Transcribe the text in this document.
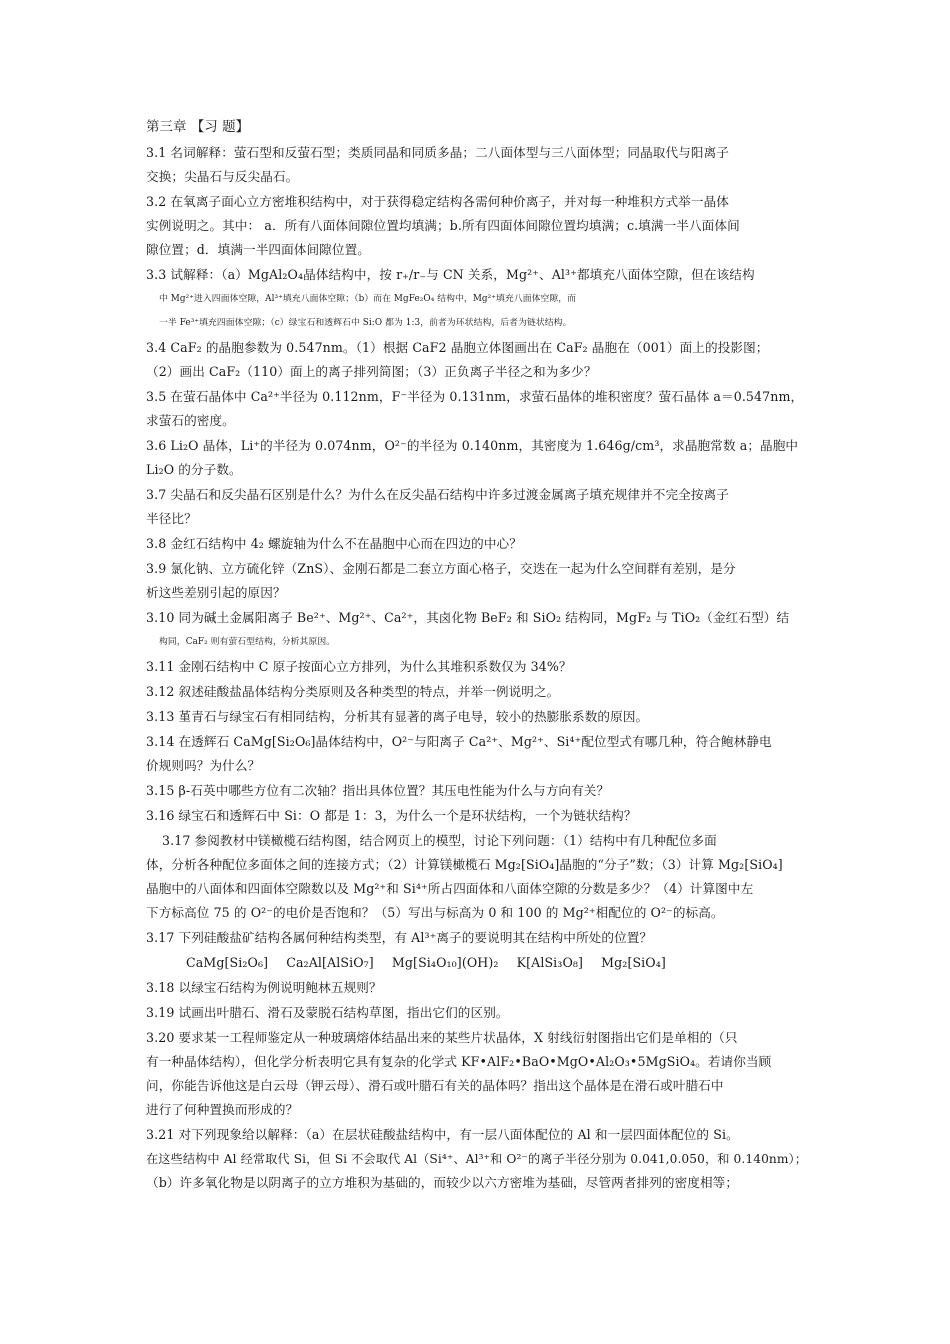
第三章 【习 题】
3.1 名词解释：萤石型和反萤石型；类质同晶和同质多晶；二八面体型与三八面体型；同晶取代与阳离子
交换；尖晶石与反尖晶石。
3.2 在氧离子面心立方密堆积结构中，对于获得稳定结构各需何种价离子，并对每一种堆积方式举一晶体
实例说明之。其中： a．所有八面体间隙位置均填满；b.所有四面体间隙位置均填满；c.填满一半八面体间
隙位置；d．填满一半四面体间隙位置。
3.3 试解释：（a）MgAl₂O₄晶体结构中，按 r₊/r₋与 CN 关系，Mg²⁺、Al³⁺都填充八面体空隙，但在该结构
中 Mg²⁺进入四面体空隙，Al³⁺填充八面体空隙；（b）而在 MgFe₂O₄ 结构中，Mg²⁺填充八面体空隙，而
一半 Fe³⁺填充四面体空隙；（c）绿宝石和透辉石中 Si:O 都为 1:3，前者为环状结构，后者为链状结构。
3.4 CaF₂ 的晶胞参数为 0.547nm。（1）根据 CaF2 晶胞立体图画出在 CaF₂ 晶胞在（001）面上的投影图；
（2）画出 CaF₂（110）面上的离子排列简图；（3）正负离子半径之和为多少？
3.5 在萤石晶体中 Ca²⁺半径为 0.112nm，F⁻半径为 0.131nm，求萤石晶体的堆积密度？萤石晶体 a＝0.547nm，
求萤石的密度。
3.6 Li₂O 晶体，Li⁺的半径为 0.074nm，O²⁻的半径为 0.140nm，其密度为 1.646g/cm³，求晶胞常数 a；晶胞中
Li₂O 的分子数。
3.7 尖晶石和反尖晶石区别是什么？为什么在反尖晶石结构中许多过渡金属离子填充规律并不完全按离子
半径比？
3.8 金红石结构中 4₂ 螺旋轴为什么不在晶胞中心而在四边的中心？
3.9 氯化钠、立方硫化锌（ZnS）、金刚石都是二套立方面心格子，交迭在一起为什么空间群有差别，是分
析这些差别引起的原因？
3.10 同为碱土金属阳离子 Be²⁺、Mg²⁺、Ca²⁺，其卤化物 BeF₂ 和 SiO₂ 结构同，MgF₂ 与 TiO₂（金红石型）结
构同，CaF₂ 则有萤石型结构，分析其原因。
3.11 金刚石结构中 C 原子按面心立方排列，为什么其堆积系数仅为 34%？
3.12 叙述硅酸盐晶体结构分类原则及各种类型的特点，并举一例说明之。
3.13 堇青石与绿宝石有相同结构，分析其有显著的离子电导，较小的热膨胀系数的原因。
3.14 在透辉石 CaMg[Si₂O₆]晶体结构中，O²⁻与阳离子 Ca²⁺、Mg²⁺、Si⁴⁺配位型式有哪几种，符合鲍林静电
价规则吗？为什么？
3.15 β-石英中哪些方位有二次轴？指出具体位置？其压电性能为什么与方向有关？
3.16 绿宝石和透辉石中 Si：O 都是 1：3，为什么一个是环状结构，一个为链状结构？
3.17 参阅教材中镁橄榄石结构图，结合网页上的模型，讨论下列问题：（1）结构中有几种配位多面
体，分析各种配位多面体之间的连接方式；（2）计算镁橄榄石 Mg₂[SiO₄]晶胞的“分子”数；（3）计算 Mg₂[SiO₄]
晶胞中的八面体和四面体空隙数以及 Mg²⁺和 Si⁴⁺所占四面体和八面体空隙的分数是多少？（4）计算图中左
下方标高位 75 的 O²⁻的电价是否饱和？（5）写出与标高为 0 和 100 的 Mg²⁺相配位的 O²⁻的标高。
3.17 下列硅酸盐矿结构各属何种结构类型，有 Al³⁺离子的要说明其在结构中所处的位置？
CaMg[Si₂O₆] Ca₂Al[AlSiO₇] Mg[Si₄O₁₀](OH)₂ K[AlSi₃O₈] Mg₂[SiO₄]
3.18 以绿宝石结构为例说明鲍林五规则？
3.19 试画出叶腊石、滑石及蒙脱石结构草图，指出它们的区别。
3.20 要求某一工程师鉴定从一种玻璃熔体结晶出来的某些片状晶体，X 射线衍射图指出它们是单相的（只
有一种晶体结构），但化学分析表明它具有复杂的化学式 KF•AlF₂•BaO•MgO•Al₂O₃•5MgSiO₄。若请你当顾
问，你能告诉他这是白云母（钾云母）、滑石或叶腊石有关的晶体吗？指出这个晶体是在滑石或叶腊石中
进行了何种置换而形成的？
3.21 对下列现象给以解释：（a）在层状硅酸盐结构中，有一层八面体配位的 Al 和一层四面体配位的 Si。
在这些结构中 Al 经常取代 Si，但 Si 不会取代 Al（Si⁴⁺、Al³⁺和 O²⁻的离子半径分别为 0.041,0.050，和 0.140nm）；
（b）许多氧化物是以阴离子的立方堆积为基础的，而较少以六方密堆为基础，尽管两者排列的密度相等；
